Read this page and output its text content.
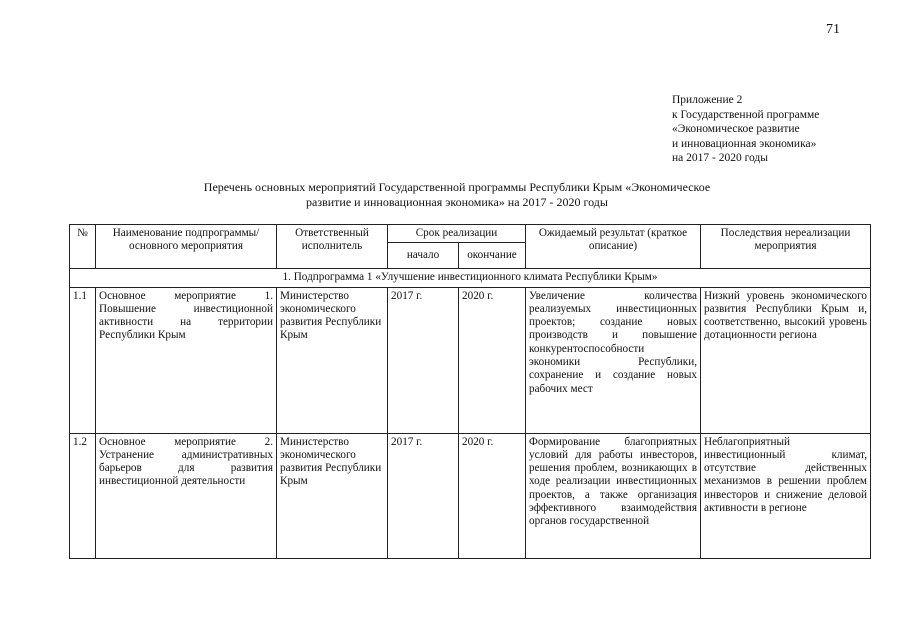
71
Приложение 2
к Государственной программе
«Экономическое развитие
и инновационная экономика»
на 2017 - 2020 годы
Перечень основных мероприятий Государственной программы Республики Крым «Экономическое
развитие и инновационная экономика» на 2017 - 2020 годы
№	Наименование подпрограммы/основного мероприятия	Ответственный исполнитель	Срок реализации		Ожидаемый результат (краткое описание)	Последствия нереализации мероприятия
			начало	окончание		
1. Подпрограмма 1 «Улучшение инвестиционного климата Республики Крым»						
1.1	Основное мероприятие 1. Повышение инвестиционной активности на территории Республики Крым	Министерство экономического развития Республики Крым	2017 г.	2020 г.	Увеличение количества реализуемых инвестиционных проектов; создание новых производств и повышение конкурентоспособности экономики Республики, сохранение и создание новых рабочих мест	Низкий уровень экономического развития Республики Крым и, соответственно, высокий уровень дотационности региона
1.2	Основное мероприятие 2. Устранение административных барьеров для развития инвестиционной деятельности	Министерство экономического развития Республики Крым	2017 г.	2020 г.	Формирование благоприятных условий для работы инвесторов, решения проблем, возникающих в ходе реализации инвестиционных проектов, а также организация эффективного взаимодействия органов государственной	Неблагоприятный инвестиционный климат, отсутствие действенных механизмов в решении проблем инвесторов и снижение деловой активности в регионе
